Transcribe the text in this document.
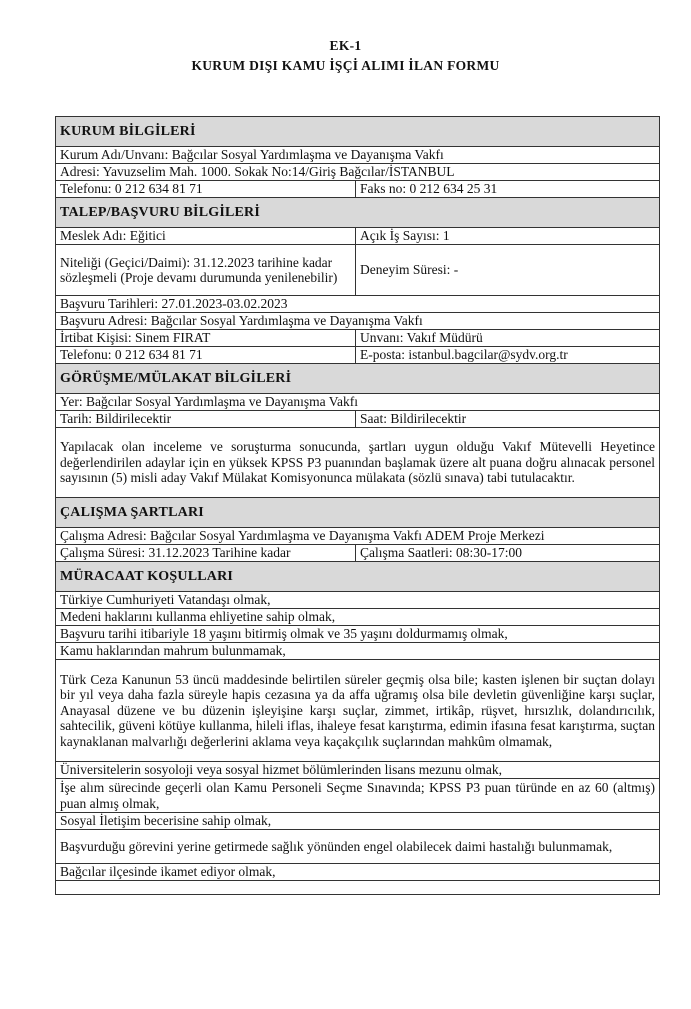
EK-1
KURUM DIŞI KAMU İŞÇİ ALIMI İLAN FORMU
KURUM BİLGİLERİ	
Kurum Adı/Unvanı: Bağcılar Sosyal Yardımlaşma ve Dayanışma Vakfı	
Adresi: Yavuzselim Mah. 1000. Sokak No:14/Giriş Bağcılar/İSTANBUL	
Telefonu: 0 212 634 81 71	Faks no: 0 212 634 25 31
TALEP/BAŞVURU BİLGİLERİ	
Meslek Adı: Eğitici	Açık İş Sayısı: 1
Niteliği (Geçici/Daimi): 31.12.2023 tarihine kadar sözleşmeli (Proje devamı durumunda yenilenebilir)	Deneyim Süresi: -
Başvuru Tarihleri: 27.01.2023-03.02.2023	
Başvuru Adresi: Bağcılar Sosyal Yardımlaşma ve Dayanışma Vakfı	
İrtibat Kişisi: Sinem FIRAT	Unvanı: Vakıf Müdürü
Telefonu: 0 212 634 81 71	E-posta: istanbul.bagcilar@sydv.org.tr
GÖRÜŞME/MÜLAKAT BİLGİLERİ	
Yer: Bağcılar Sosyal Yardımlaşma ve Dayanışma Vakfı	
Tarih: Bildirilecektir	Saat: Bildirilecektir
Yapılacak olan inceleme ve soruşturma sonucunda, şartları uygun olduğu Vakıf Mütevelli Heyetince değerlendirilen adaylar için en yüksek KPSS P3 puanından başlamak üzere alt puana doğru alınacak personel sayısının (5) misli aday Vakıf Mülakat Komisyonunca mülakata (sözlü sınava) tabi tutulacaktır.	
ÇALIŞMA ŞARTLARI	
Çalışma Adresi: Bağcılar Sosyal Yardımlaşma ve Dayanışma Vakfı ADEM Proje Merkezi	
Çalışma Süresi: 31.12.2023 Tarihine kadar	Çalışma Saatleri: 08:30-17:00
MÜRACAAT KOŞULLARI	
Türkiye Cumhuriyeti Vatandaşı olmak,	
Medeni haklarını kullanma ehliyetine sahip olmak,	
Başvuru tarihi itibariyle 18 yaşını bitirmiş olmak ve 35 yaşını doldurmamış olmak,	
Kamu haklarından mahrum bulunmamak,	
Türk Ceza Kanunun 53 üncü maddesinde belirtilen süreler geçmiş olsa bile; kasten işlenen bir suçtan dolayı bir yıl veya daha fazla süreyle hapis cezasına ya da affa uğramış olsa bile devletin güvenliğine karşı suçlar, Anayasal düzene ve bu düzenin işleyişine karşı suçlar, zimmet, irtikâp, rüşvet, hırsızlık, dolandırıcılık, sahtecilik, güveni kötüye kullanma, hileli iflas, ihaleye fesat karıştırma, edimin ifasına fesat karıştırma, suçtan kaynaklanan malvarlığı değerlerini aklama veya kaçakçılık suçlarından mahkûm olmamak,	
Üniversitelerin sosyoloji veya sosyal hizmet bölümlerinden lisans mezunu olmak,	
İşe alım sürecinde geçerli olan Kamu Personeli Seçme Sınavında; KPSS P3 puan türünde en az 60 (altmış) puan almış olmak,	
Sosyal İletişim becerisine sahip olmak,	
Başvurduğu görevini yerine getirmede sağlık yönünden engel olabilecek daimi hastalığı bulunmamak,	
Bağcılar ilçesinde ikamet ediyor olmak,	
